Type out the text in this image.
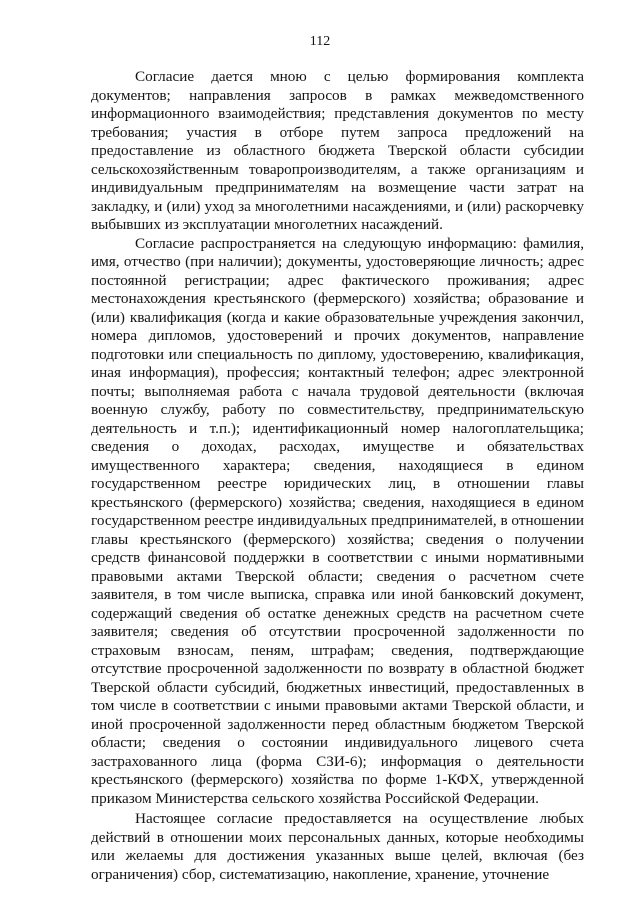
112

Согласие дается мною с целью формирования комплекта документов; направления запросов в рамках межведомственного информационного взаимодействия; представления документов по месту требования; участия в отборе путем запроса предложений на предоставление из областного бюджета Тверской области субсидии сельскохозяйственным товаропроизводителям, а также организациям и индивидуальным предпринимателям на возмещение части затрат на закладку, и (или) уход за многолетними насаждениями, и (или) раскорчевку выбывших из эксплуатации многолетних насаждений.

Согласие распространяется на следующую информацию: фамилия, имя, отчество (при наличии); документы, удостоверяющие личность; адрес постоянной регистрации; адрес фактического проживания; адрес местонахождения крестьянского (фермерского) хозяйства; образование и (или) квалификация (когда и какие образовательные учреждения закончил, номера дипломов, удостоверений и прочих документов, направление подготовки или специальность по диплому, удостоверению, квалификация, иная информация), профессия; контактный телефон; адрес электронной почты; выполняемая работа с начала трудовой деятельности (включая военную службу, работу по совместительству, предпринимательскую деятельность и т.п.); идентификационный номер налогоплательщика; сведения о доходах, расходах, имуществе и обязательствах имущественного характера; сведения, находящиеся в едином государственном реестре юридических лиц, в отношении главы крестьянского (фермерского) хозяйства; сведения, находящиеся в едином государственном реестре индивидуальных предпринимателей, в отношении главы крестьянского (фермерского) хозяйства; сведения о получении средств финансовой поддержки в соответствии с иными нормативными правовыми актами Тверской области; сведения о расчетном счете заявителя, в том числе выписка, справка или иной банковский документ, содержащий сведения об остатке денежных средств на расчетном счете заявителя; сведения об отсутствии просроченной задолженности по страховым взносам, пеням, штрафам; сведения, подтверждающие отсутствие просроченной задолженности по возврату в областной бюджет Тверской области субсидий, бюджетных инвестиций, предоставленных в том числе в соответствии с иными правовыми актами Тверской области, и иной просроченной задолженности перед областным бюджетом Тверской области; сведения о состоянии индивидуального лицевого счета застрахованного лица (форма СЗИ-6); информация о деятельности крестьянского (фермерского) хозяйства по форме 1-КФХ, утвержденной приказом Министерства сельского хозяйства Российской Федерации.

Настоящее согласие предоставляется на осуществление любых действий в отношении моих персональных данных, которые необходимы или желаемы для достижения указанных выше целей, включая (без ограничения) сбор, систематизацию, накопление, хранение, уточнение
